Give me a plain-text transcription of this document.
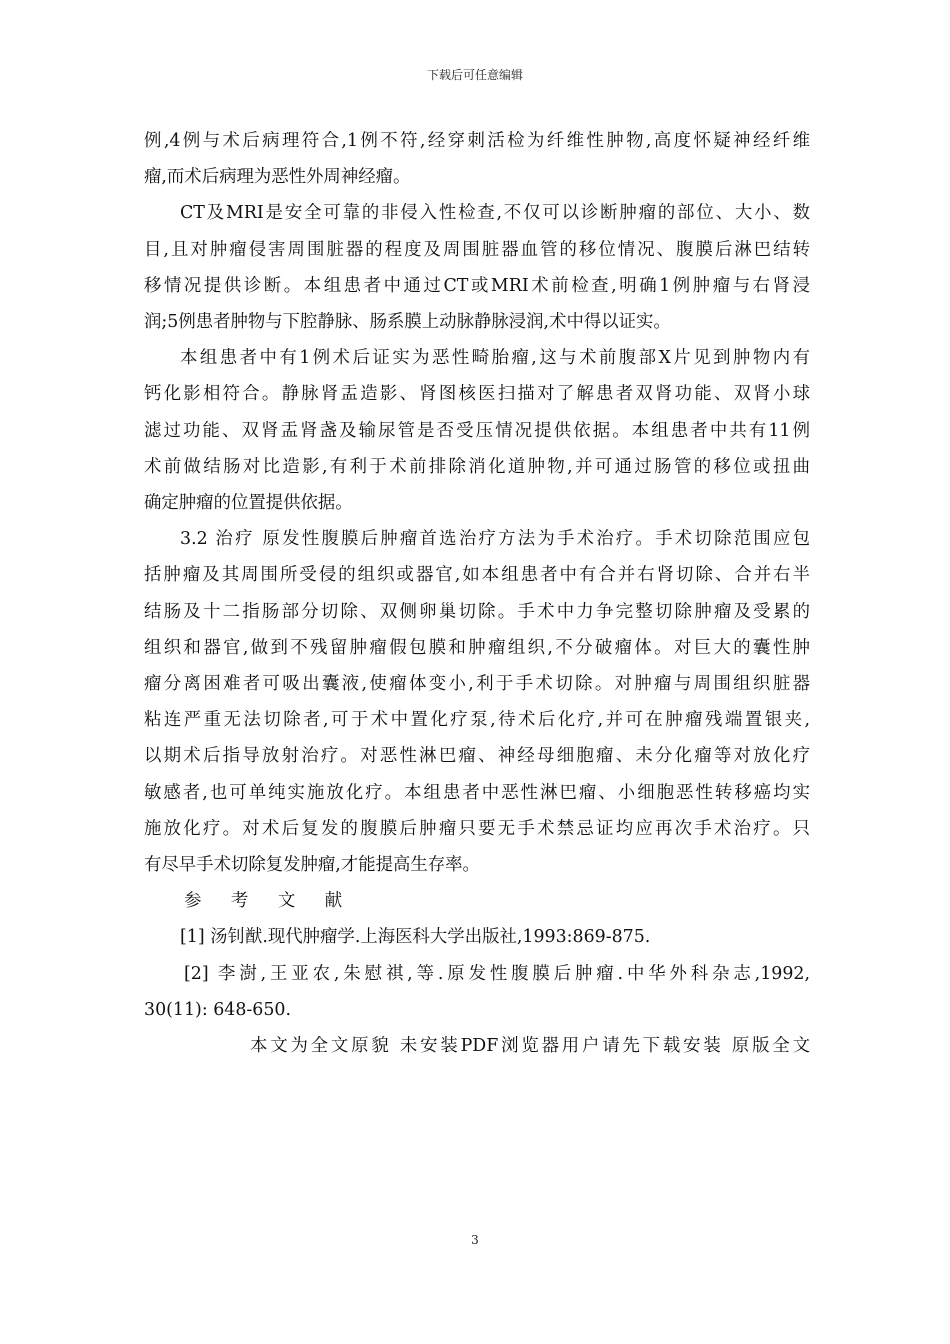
下载后可任意编辑
例,4例与术后病理符合,1例不符,经穿刺活检为纤维性肿物,高度怀疑神经纤维
瘤,而术后病理为恶性外周神经瘤。
CT及MRI是安全可靠的非侵入性检查,不仅可以诊断肿瘤的部位、大小、数
目,且对肿瘤侵害周围脏器的程度及周围脏器血管的移位情况、腹膜后淋巴结转
移情况提供诊断。本组患者中通过CT或MRI术前检查,明确1例肿瘤与右肾浸
润;5例患者肿物与下腔静脉、肠系膜上动脉静脉浸润,术中得以证实。
本组患者中有1例术后证实为恶性畸胎瘤,这与术前腹部X片见到肿物内有
钙化影相符合。静脉肾盂造影、肾图核医扫描对了解患者双肾功能、双肾小球
滤过功能、双肾盂肾盏及输尿管是否受压情况提供依据。本组患者中共有11例
术前做结肠对比造影,有利于术前排除消化道肿物,并可通过肠管的移位或扭曲
确定肿瘤的位置提供依据。
3.2 治疗 原发性腹膜后肿瘤首选治疗方法为手术治疗。手术切除范围应包
括肿瘤及其周围所受侵的组织或器官,如本组患者中有合并右肾切除、合并右半
结肠及十二指肠部分切除、双侧卵巢切除。手术中力争完整切除肿瘤及受累的
组织和器官,做到不残留肿瘤假包膜和肿瘤组织,不分破瘤体。对巨大的囊性肿
瘤分离困难者可吸出囊液,使瘤体变小,利于手术切除。对肿瘤与周围组织脏器
粘连严重无法切除者,可于术中置化疗泵,待术后化疗,并可在肿瘤残端置银夹,
以期术后指导放射治疗。对恶性淋巴瘤、神经母细胞瘤、未分化瘤等对放化疗
敏感者,也可单纯实施放化疗。本组患者中恶性淋巴瘤、小细胞恶性转移癌均实
施放化疗。对术后复发的腹膜后肿瘤只要无手术禁忌证均应再次手术治疗。只
有尽早手术切除复发肿瘤,才能提高生存率。
参 考 文 献
[1] 汤钊猷.现代肿瘤学.上海医科大学出版社,1993:869-875.
[2] 李澍,王亚农,朱慰祺,等.原发性腹膜后肿瘤.中华外科杂志,1992,
30(11): 648-650.
本文为全文原貌 未安装PDF浏览器用户请先下载安装 原版全文
3
